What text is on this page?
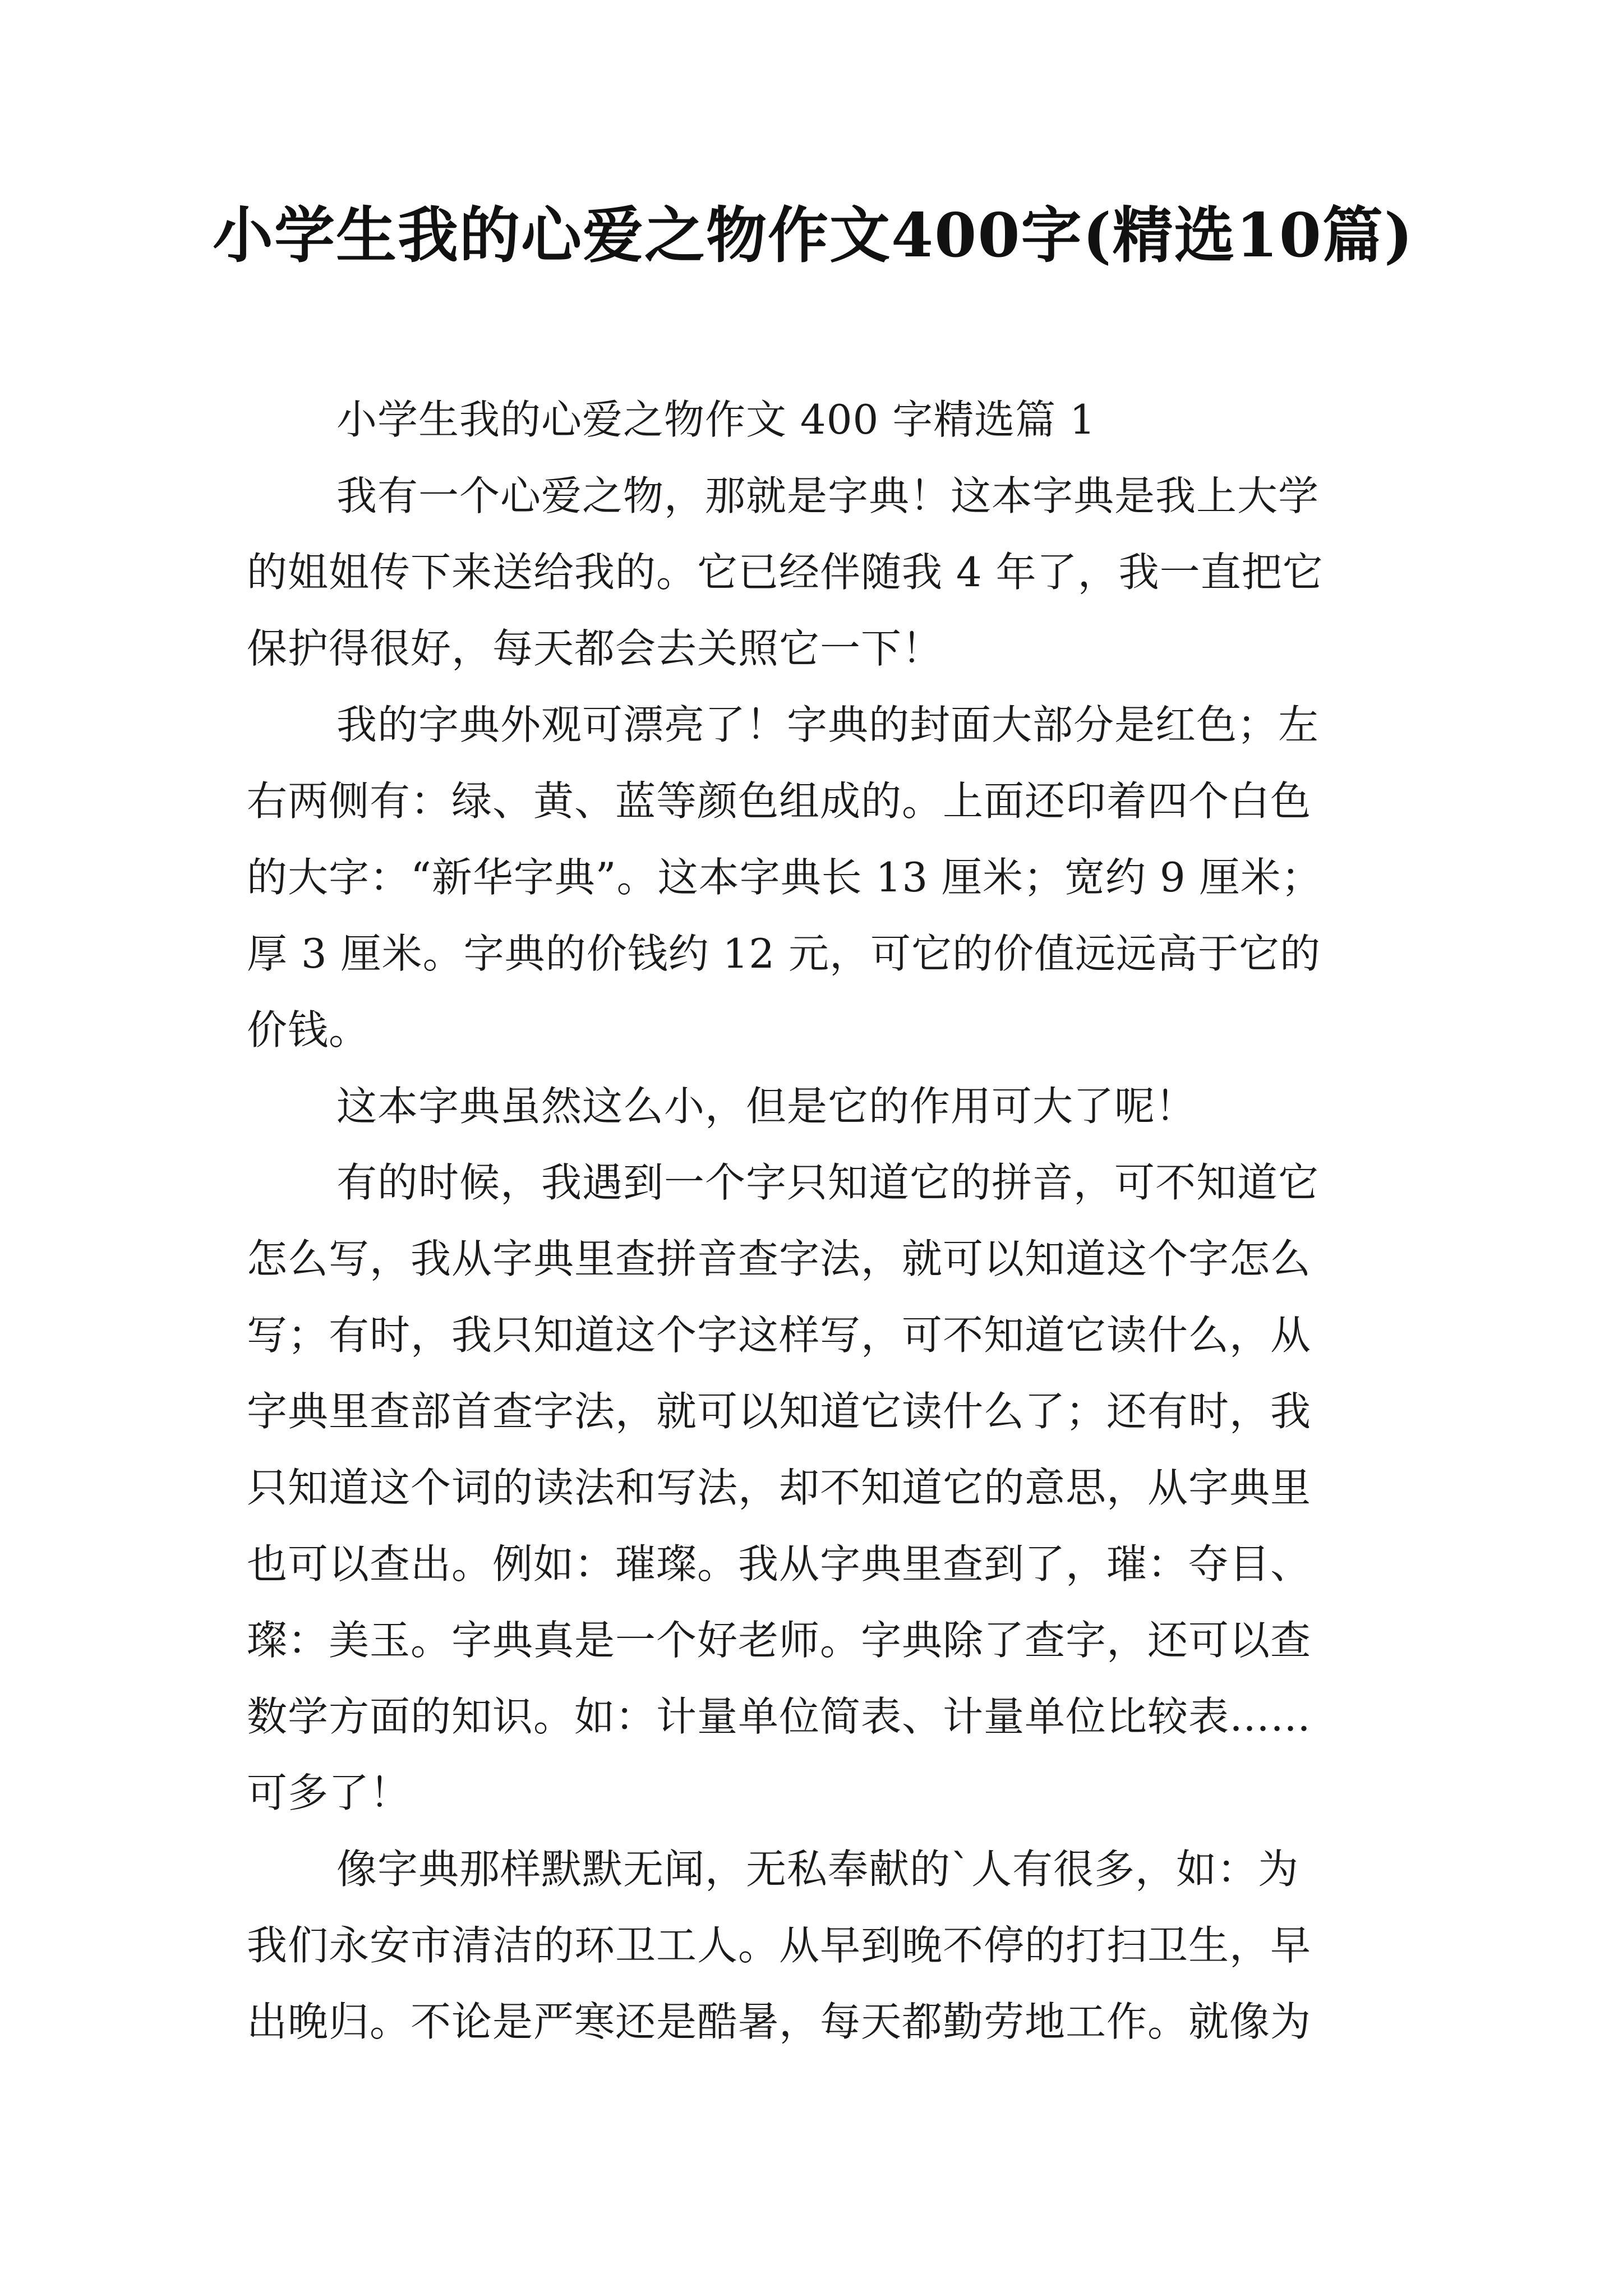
小学生我的心爱之物作文400字(精选10篇)
小学生我的心爱之物作文 400 字精选篇 1
我有一个心爱之物，那就是字典！这本字典是我上大学
的姐姐传下来送给我的。它已经伴随我 4 年了，我一直把它
保护得很好，每天都会去关照它一下！
我的字典外观可漂亮了！字典的封面大部分是红色；左
右两侧有：绿、黄、蓝等颜色组成的。上面还印着四个白色
的大字：“新华字典”。这本字典长 13 厘米；宽约 9 厘米；
厚 3 厘米。字典的价钱约 12 元，可它的价值远远高于它的
价钱。
这本字典虽然这么小，但是它的作用可大了呢！
有的时候，我遇到一个字只知道它的拼音，可不知道它
怎么写，我从字典里查拼音查字法，就可以知道这个字怎么
写；有时，我只知道这个字这样写，可不知道它读什么，从
字典里查部首查字法，就可以知道它读什么了；还有时，我
只知道这个词的读法和写法，却不知道它的意思，从字典里
也可以查出。例如：璀璨。我从字典里查到了，璀：夺目、
璨：美玉。字典真是一个好老师。字典除了查字，还可以查
数学方面的知识。如：计量单位简表、计量单位比较表……
可多了！
像字典那样默默无闻，无私奉献的`人有很多，如：为
我们永安市清洁的环卫工人。从早到晚不停的打扫卫生，早
出晚归。不论是严寒还是酷暑，每天都勤劳地工作。就像为
